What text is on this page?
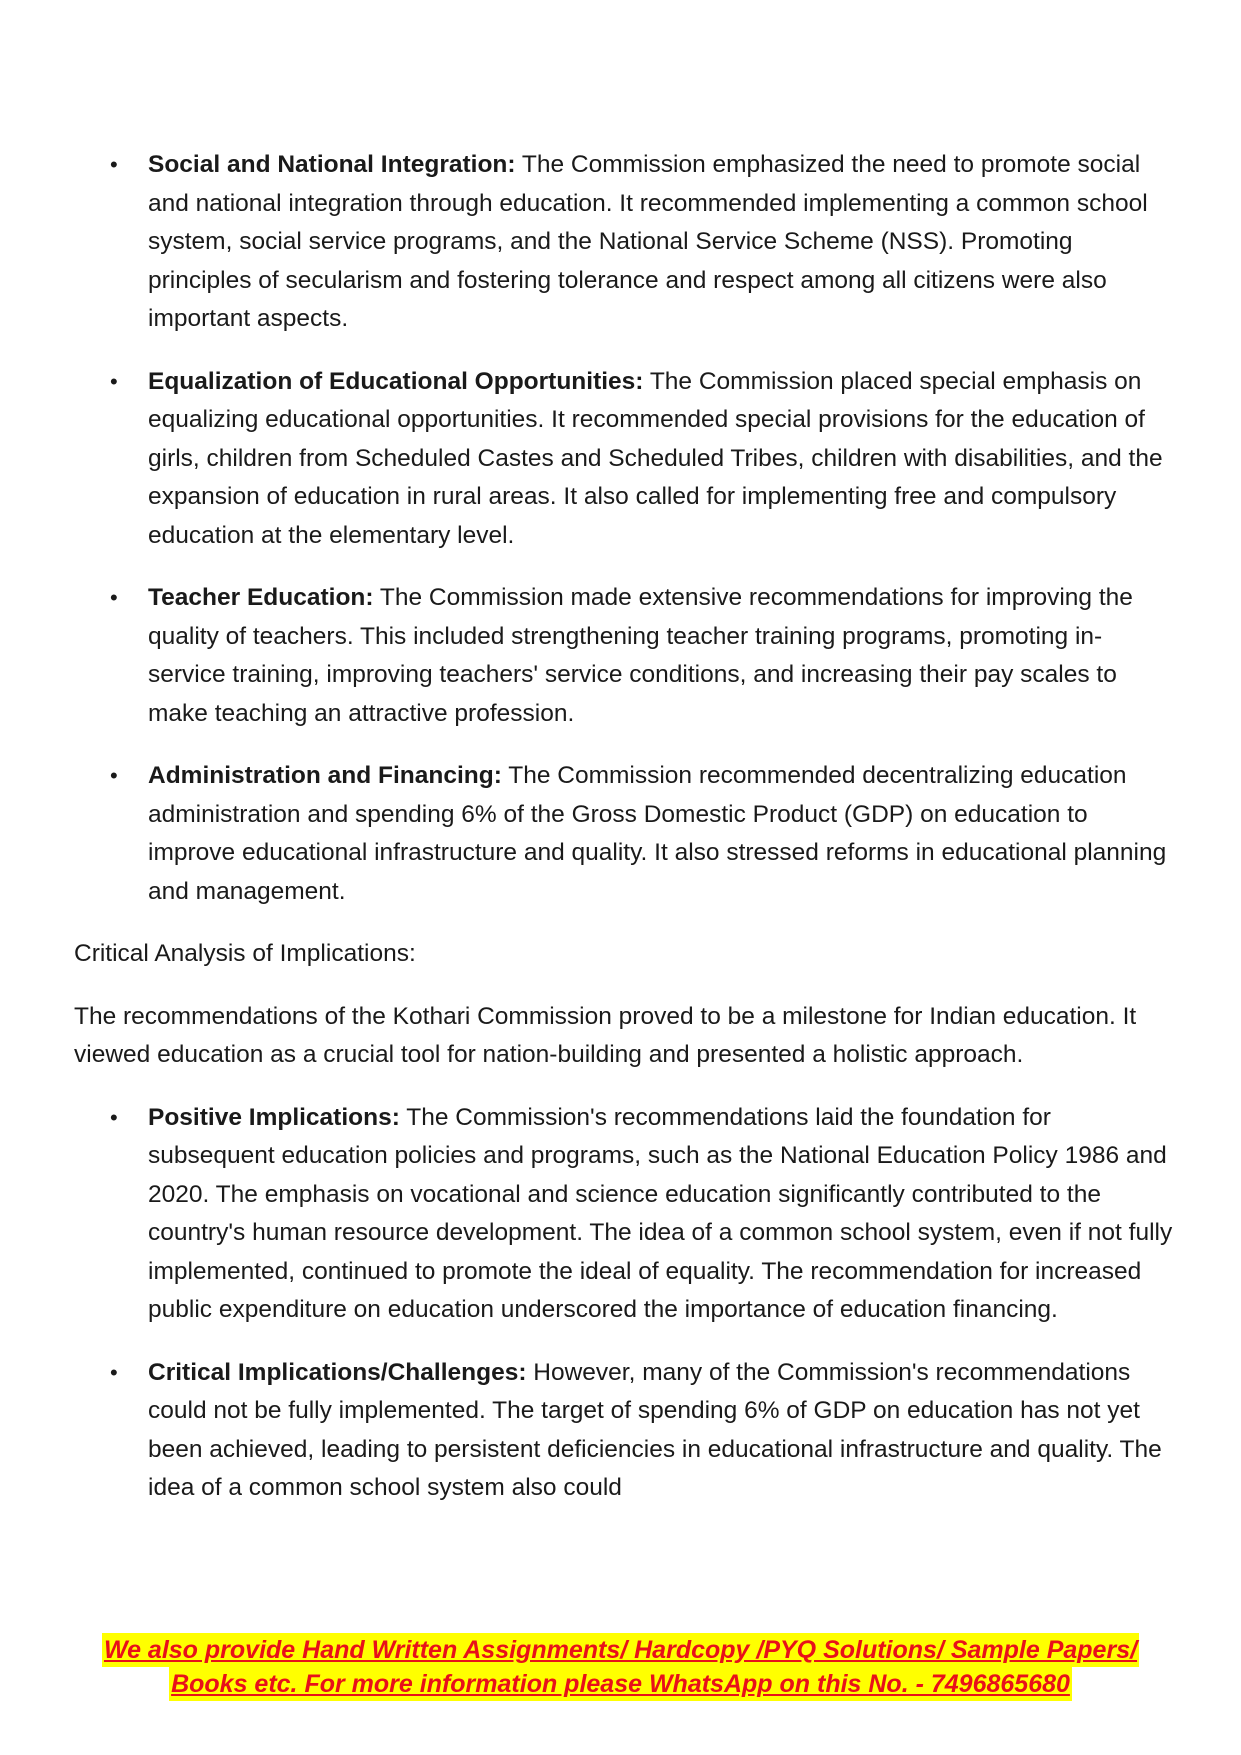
•
Social and National Integration: The Commission emphasized the need to promote social and national integration through education. It recommended implementing a common school system, social service programs, and the National Service Scheme (NSS). Promoting principles of secularism and fostering tolerance and respect among all citizens were also important aspects.
•
Equalization of Educational Opportunities: The Commission placed special emphasis on equalizing educational opportunities. It recommended special provisions for the education of girls, children from Scheduled Castes and Scheduled Tribes, children with disabilities, and the expansion of education in rural areas. It also called for implementing free and compulsory education at the elementary level.
•
Teacher Education: The Commission made extensive recommendations for improving the quality of teachers. This included strengthening teacher training programs, promoting in-service training, improving teachers' service conditions, and increasing their pay scales to make teaching an attractive profession.
•
Administration and Financing: The Commission recommended decentralizing education administration and spending 6% of the Gross Domestic Product (GDP) on education to improve educational infrastructure and quality. It also stressed reforms in educational planning and management.

Critical Analysis of Implications:

The recommendations of the Kothari Commission proved to be a milestone for Indian education. It viewed education as a crucial tool for nation-building and presented a holistic approach.

•
Positive Implications: The Commission's recommendations laid the foundation for subsequent education policies and programs, such as the National Education Policy 1986 and 2020. The emphasis on vocational and science education significantly contributed to the country's human resource development. The idea of a common school system, even if not fully implemented, continued to promote the ideal of equality. The recommendation for increased public expenditure on education underscored the importance of education financing.
•
Critical Implications/Challenges: However, many of the Commission's recommendations could not be fully implemented. The target of spending 6% of GDP on education has not yet been achieved, leading to persistent deficiencies in educational infrastructure and quality. The idea of a common school system also could
We also provide Hand Written Assignments/ Hardcopy /PYQ Solutions/ Sample Papers/
Books etc. For more information please WhatsApp on this No. - 7496865680
